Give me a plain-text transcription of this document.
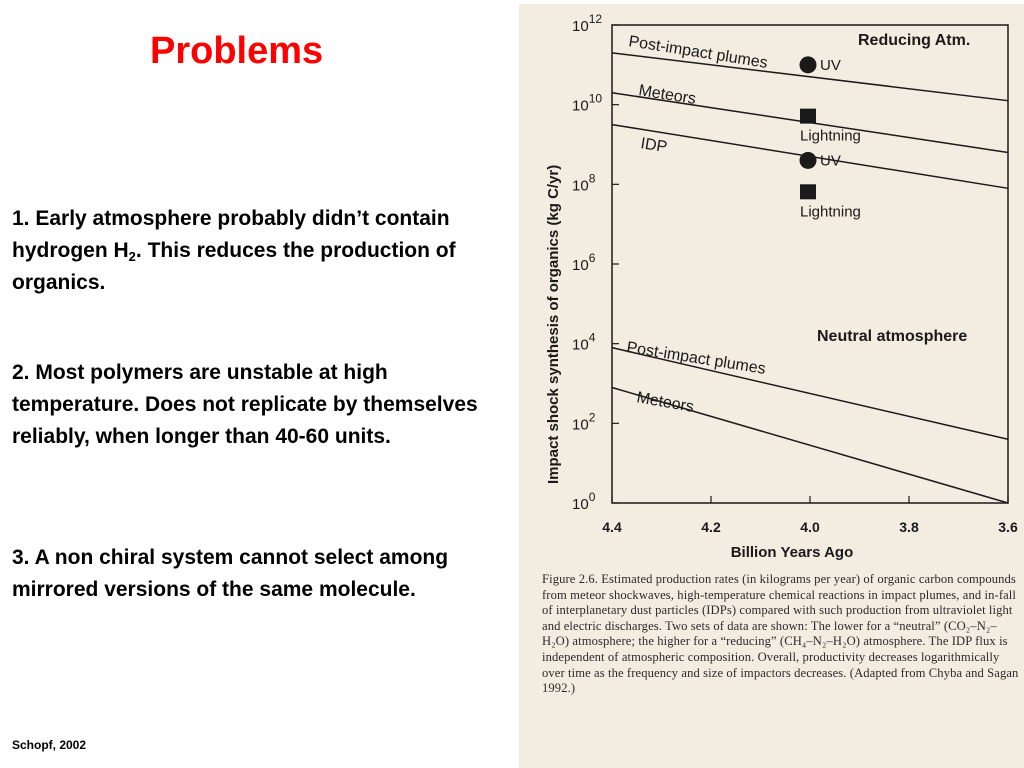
Problems
1. Early atmosphere probably didn’t contain hydrogen $H_2$. This reduces the production of organics.
2. Most polymers are unstable at high temperature. Does not replicate by themselves reliably, when longer than 40-60 units.
3. A non chiral system cannot select among mirrored versions of the same molecule.
Schopf, 2002
Impact shock synthesis of organics (kg C/yr)
Billion Years Ago
$10^0$
$10^2$
$10^4$
$10^6$
$10^8$
$10^{10}$
$10^{12}$
4.4	4.2	4.0	3.8	3.6
Post-impact plumes
Meteors
IDP
Post-impact plumes
Meteors
UV
Lightning
UV
Lightning
Reducing Atm.
Neutral atmosphere
Figure 2.6. Estimated production rates (in kilograms per year) of organic carbon compounds from meteor shockwaves, high-temperature chemical reactions in impact plumes, and in-fall of interplanetary dust particles (IDPs) compared with such production from ultraviolet light and electric discharges. Two sets of data are shown: The lower for a “neutral” (CO₂–N₂–H₂O) atmosphere; the higher for a “reducing” (CH₄–N₂–H₂O) atmosphere. The IDP flux is independent of atmospheric composition. Overall, productivity decreases logarithmically over time as the frequency and size of impactors decreases. (Adapted from Chyba and Sagan 1992.)
